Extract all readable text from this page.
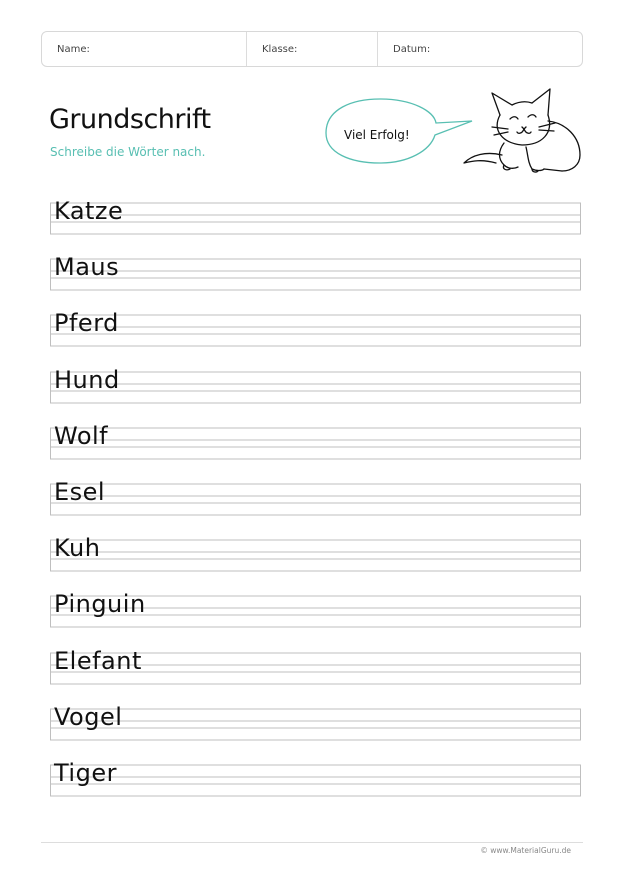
Name:	Klasse:	Datum:
Grundschrift
Schreibe die Wörter nach.
Viel Erfolg!
Katze
Maus
Pferd
Hund
Wolf
Esel
Kuh
Pinguin
Elefant
Vogel
Tiger
© www.MaterialGuru.de
